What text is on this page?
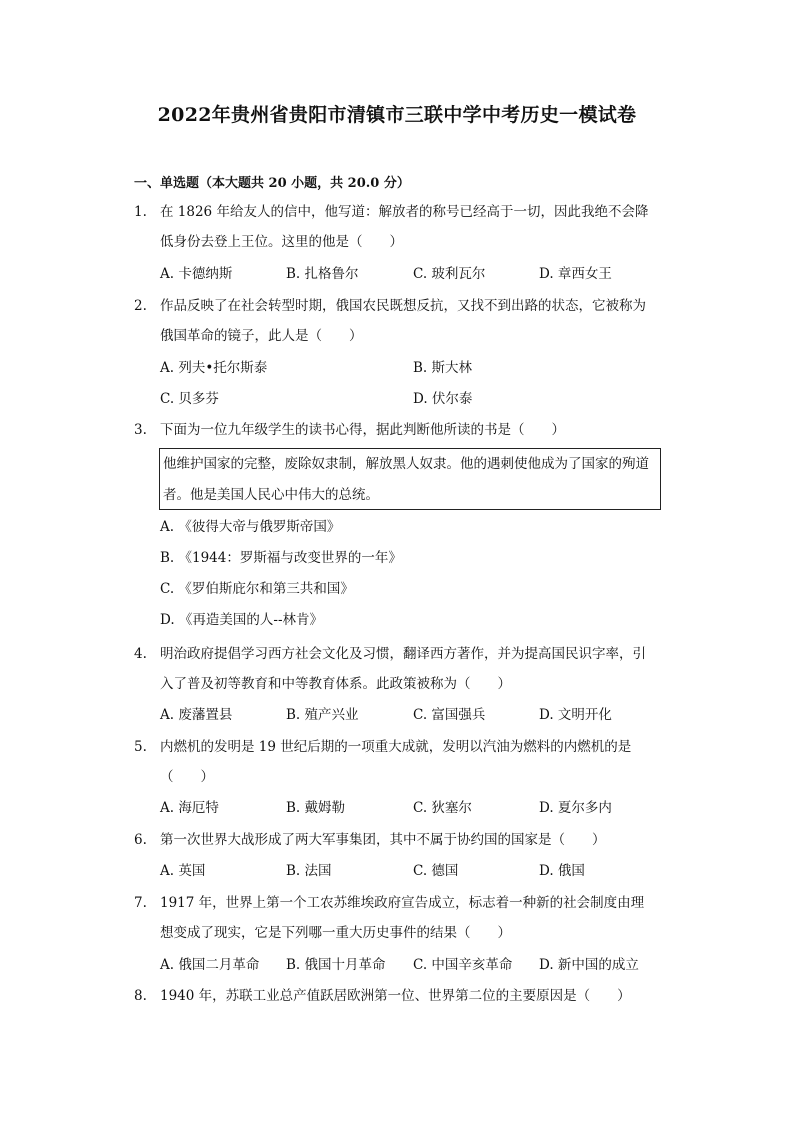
2022年贵州省贵阳市清镇市三联中学中考历史一模试卷
一、单选题（本大题共 20 小题，共 20.0 分）
1. 在 1826 年给友人的信中，他写道：解放者的称号已经高于一切，因此我绝不会降
低身份去登上王位。这里的他是（　　）
A. 卡德纳斯	B. 扎格鲁尔	C. 玻利瓦尔	D. 章西女王
2. 作品反映了在社会转型时期，俄国农民既想反抗，又找不到出路的状态，它被称为
俄国革命的镜子，此人是（　　）
A. 列夫•托尔斯泰	B. 斯大林
C. 贝多芬	D. 伏尔泰
3. 下面为一位九年级学生的读书心得，据此判断他所读的书是（　　）
他维护国家的完整，废除奴隶制，解放黑人奴隶。他的遇刺使他成为了国家的殉道
者。他是美国人民心中伟大的总统。
A. 《彼得大帝与俄罗斯帝国》
B. 《1944：罗斯福与改变世界的一年》
C. 《罗伯斯庇尔和第三共和国》
D. 《再造美国的人--林肯》
4. 明治政府提倡学习西方社会文化及习惯，翻译西方著作，并为提高国民识字率，引
入了普及初等教育和中等教育体系。此政策被称为（　　）
A. 废藩置县	B. 殖产兴业	C. 富国强兵	D. 文明开化
5. 内燃机的发明是 19 世纪后期的一项重大成就，发明以汽油为燃料的内燃机的是
（　　）
A. 海厄特	B. 戴姆勒	C. 狄塞尔	D. 夏尔多内
6. 第一次世界大战形成了两大军事集团，其中不属于协约国的国家是（　　）
A. 英国	B. 法国	C. 德国	D. 俄国
7. 1917 年，世界上第一个工农苏维埃政府宣告成立，标志着一种新的社会制度由理
想变成了现实，它是下列哪一重大历史事件的结果（　　）
A. 俄国二月革命 B. 俄国十月革命 C. 中国辛亥革命 D. 新中国的成立
8. 1940 年，苏联工业总产值跃居欧洲第一位、世界第二位的主要原因是（　　）
